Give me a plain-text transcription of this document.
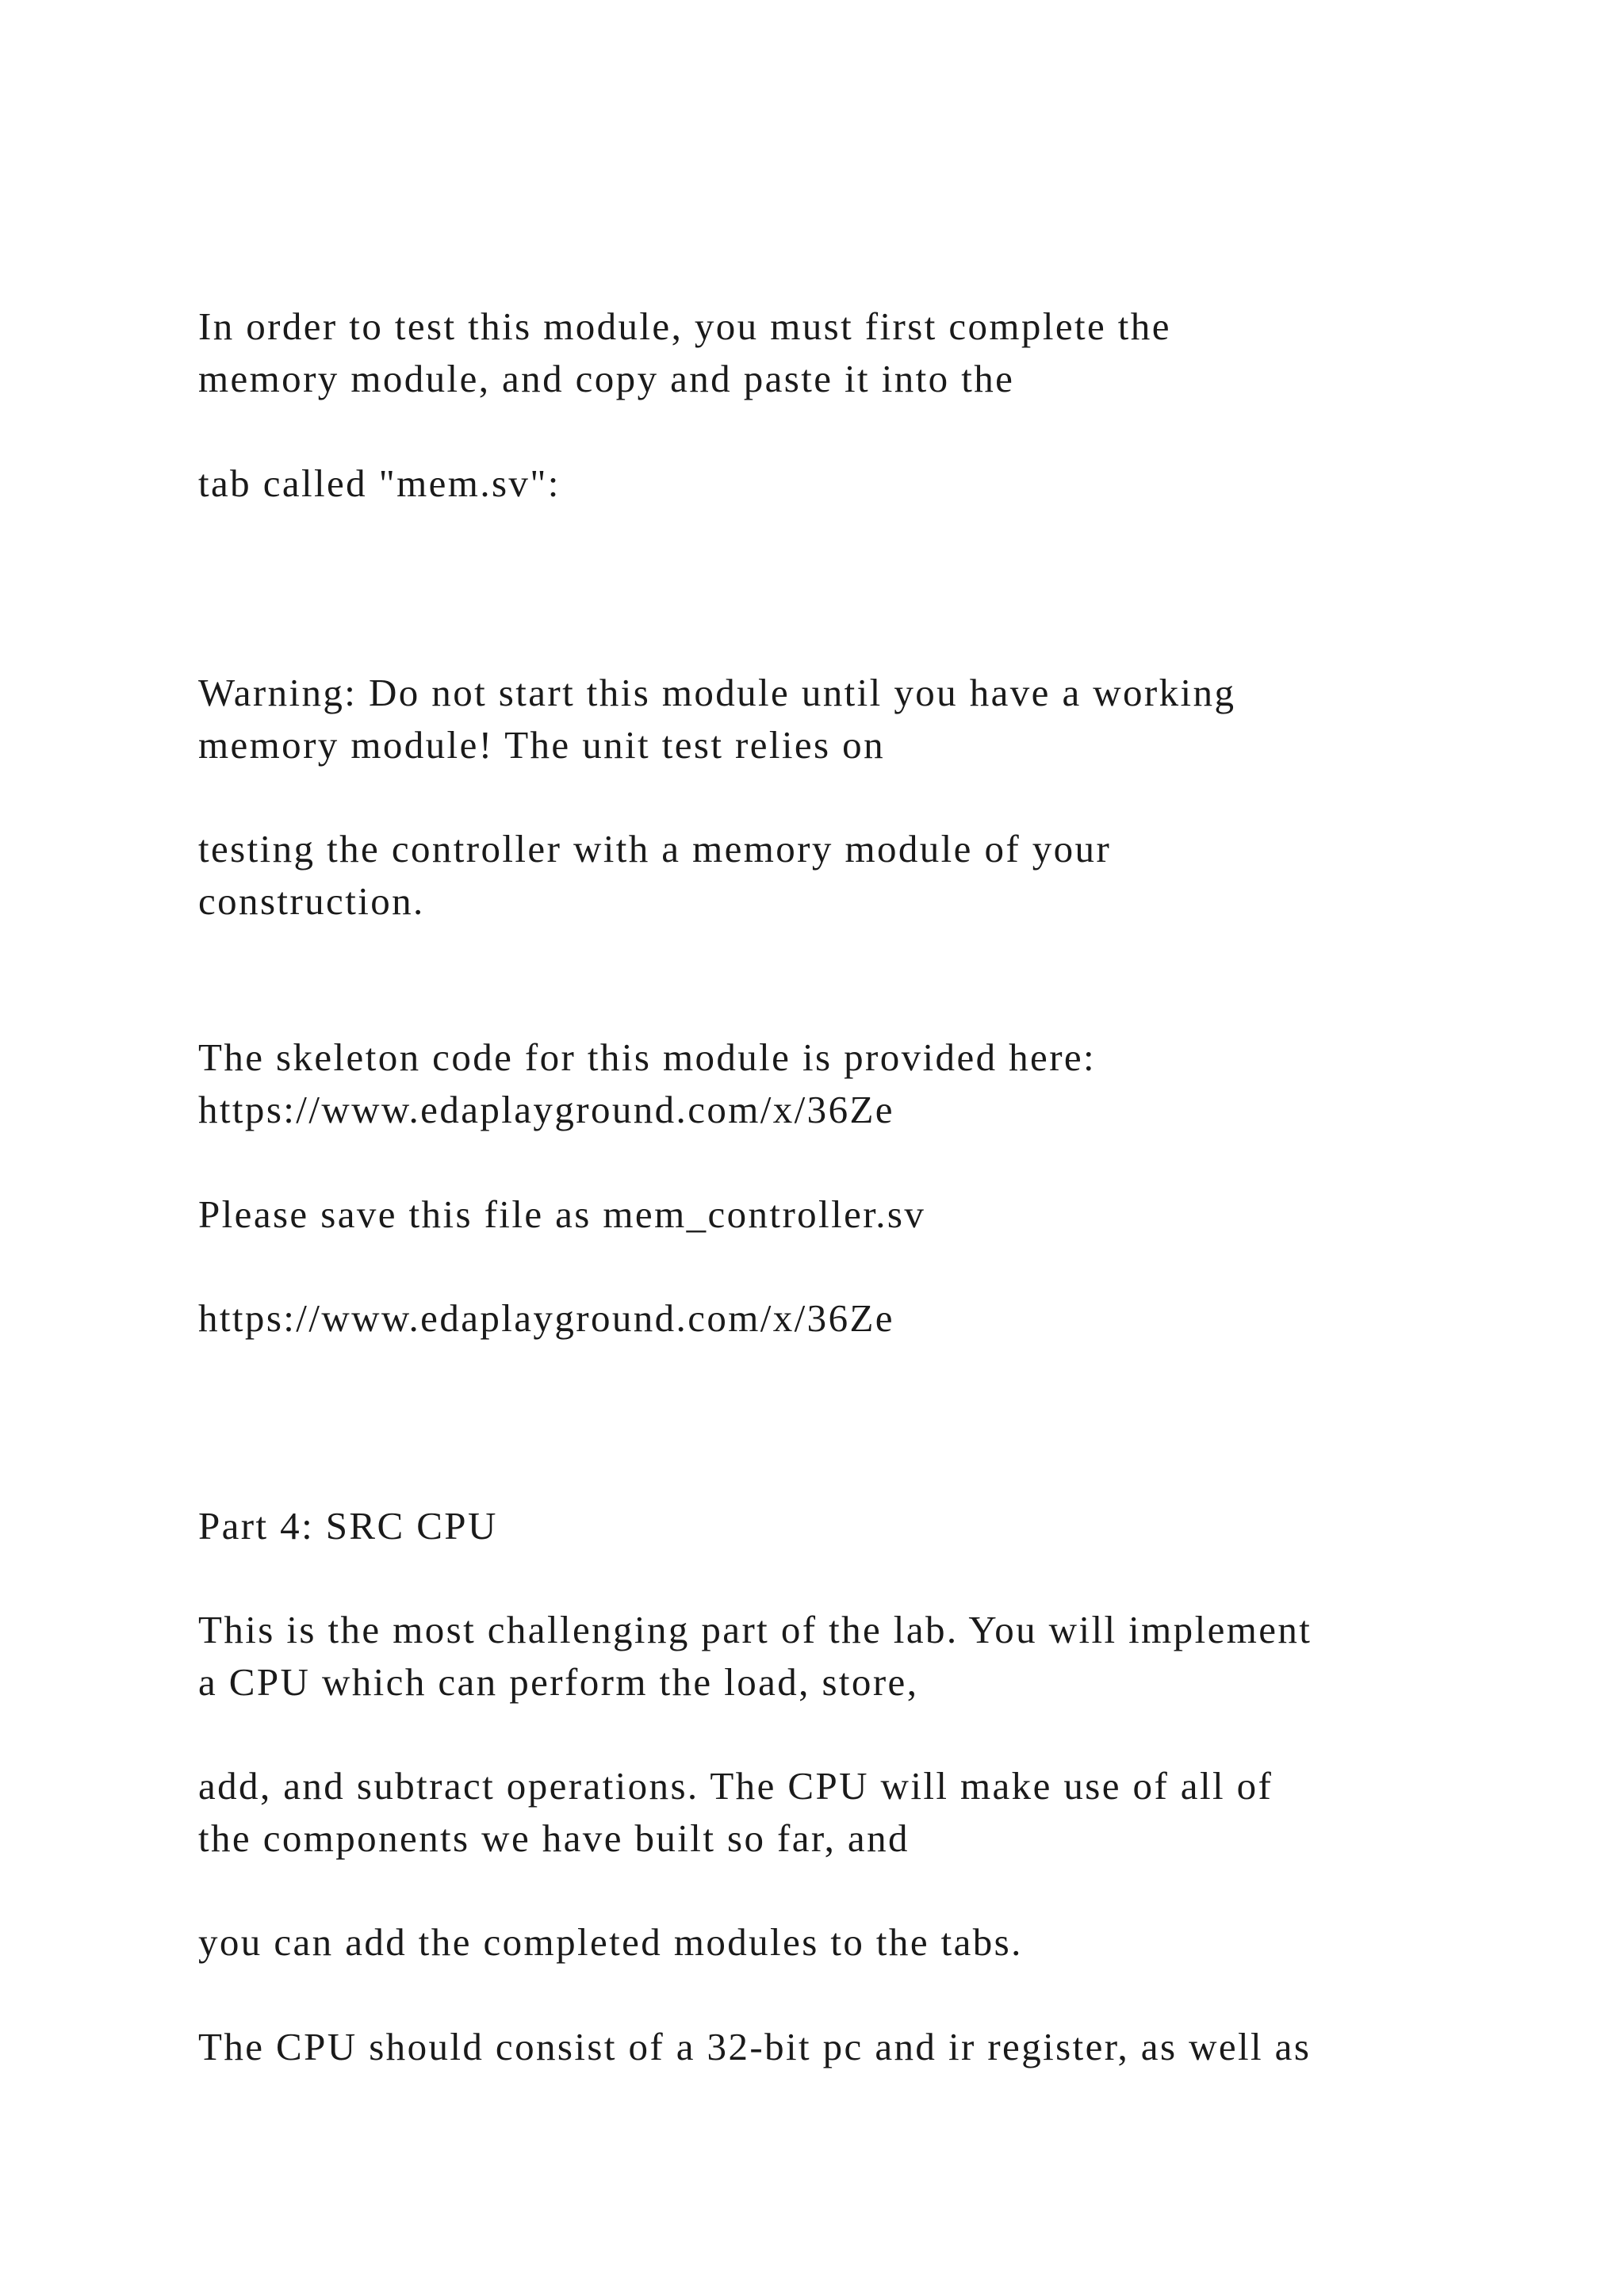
In order to test this module, you must first complete the

memory module, and copy and paste it into the

tab called "mem.sv":

Warning: Do not start this module until you have a working

memory module! The unit test relies on

testing the controller with a memory module of your

construction.

The skeleton code for this module is provided here:

https://www.edaplayground.com/x/36Ze

Please save this file as mem_controller.sv

https://www.edaplayground.com/x/36Ze

Part 4: SRC CPU

This is the most challenging part of the lab. You will implement

a CPU which can perform the load, store,

add, and subtract operations. The CPU will make use of all of

the components we have built so far, and

you can add the completed modules to the tabs.

The CPU should consist of a 32-bit pc and ir register, as well as
